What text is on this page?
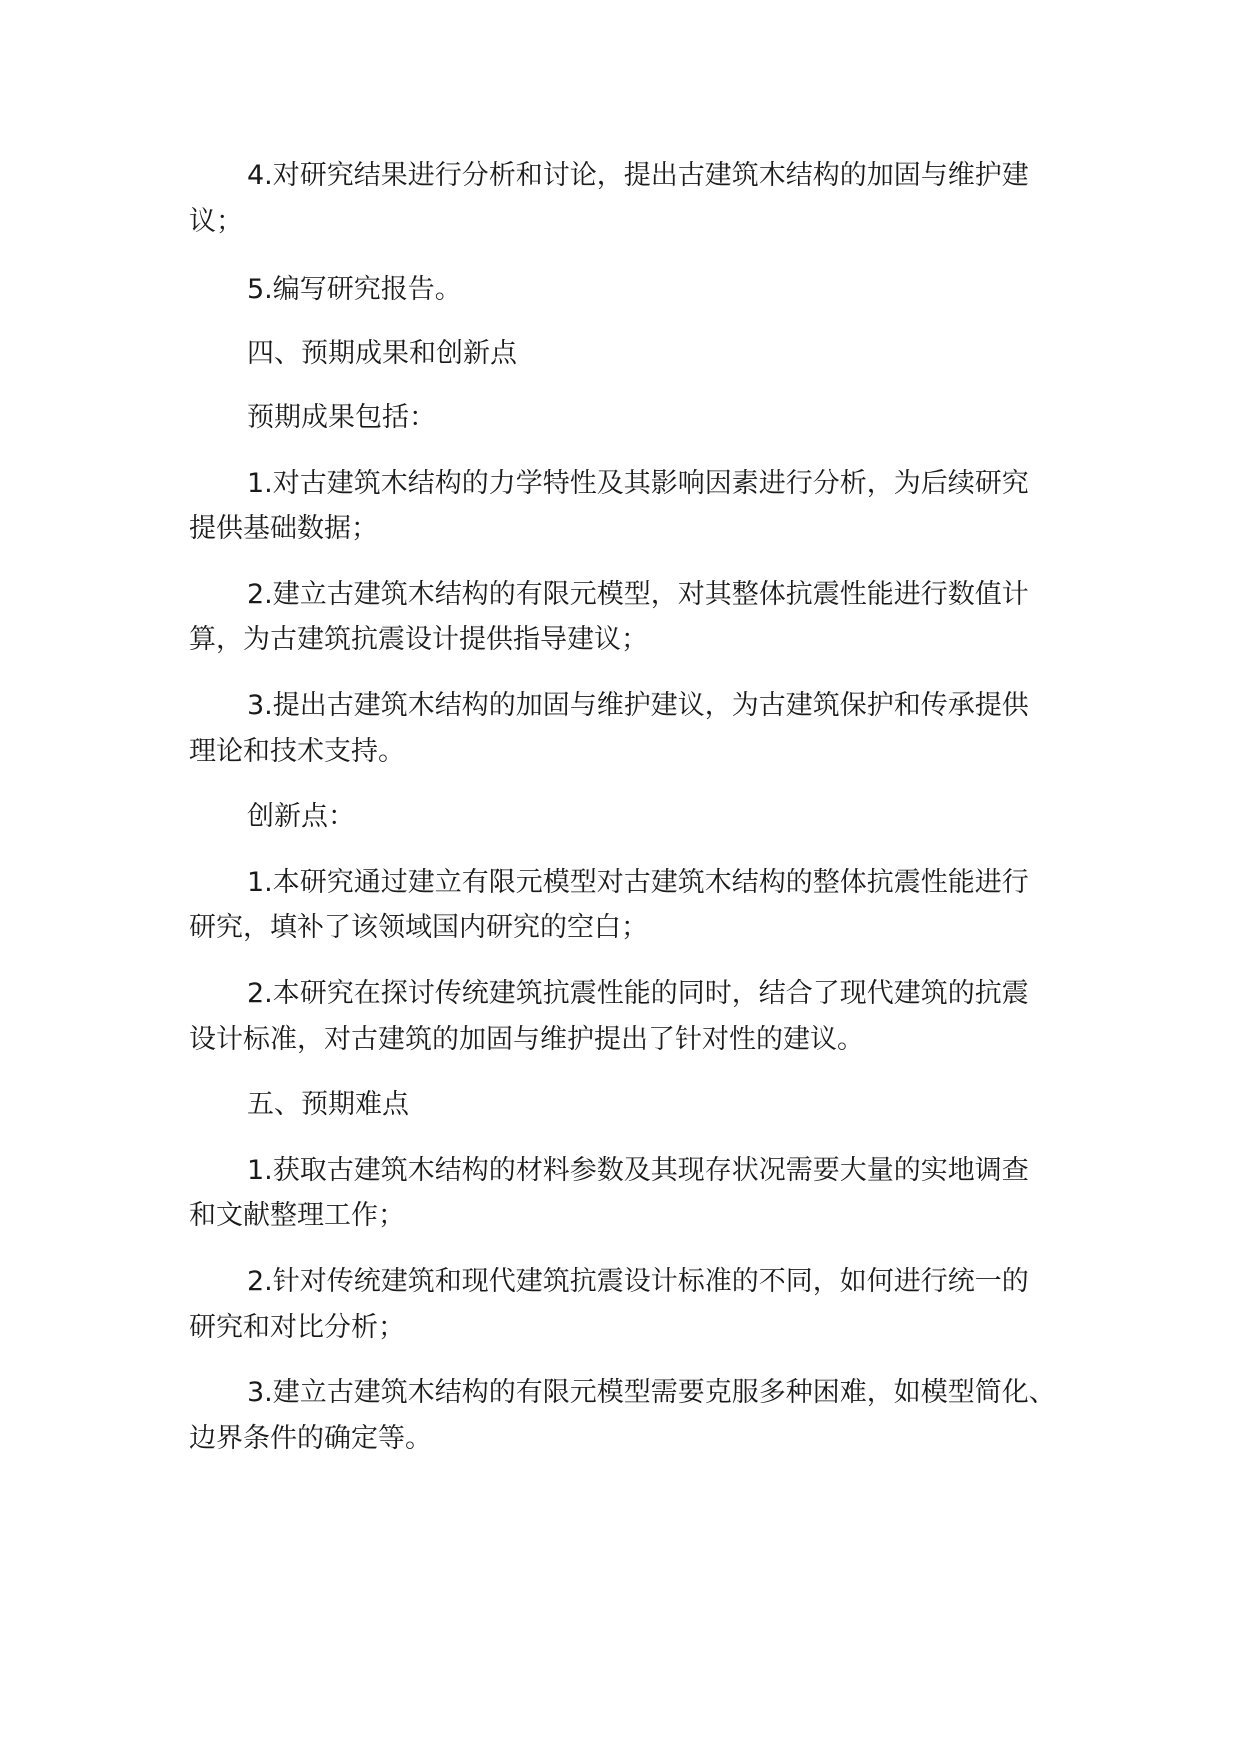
4.对研究结果进行分析和讨论，提出古建筑木结构的加固与维护建
议；
5.编写研究报告。
四、预期成果和创新点
预期成果包括：
1.对古建筑木结构的力学特性及其影响因素进行分析，为后续研究
提供基础数据；
2.建立古建筑木结构的有限元模型，对其整体抗震性能进行数值计
算，为古建筑抗震设计提供指导建议；
3.提出古建筑木结构的加固与维护建议，为古建筑保护和传承提供
理论和技术支持。
创新点：
1.本研究通过建立有限元模型对古建筑木结构的整体抗震性能进行
研究，填补了该领域国内研究的空白；
2.本研究在探讨传统建筑抗震性能的同时，结合了现代建筑的抗震
设计标准，对古建筑的加固与维护提出了针对性的建议。
五、预期难点
1.获取古建筑木结构的材料参数及其现存状况需要大量的实地调查
和文献整理工作；
2.针对传统建筑和现代建筑抗震设计标准的不同，如何进行统一的
研究和对比分析；
3.建立古建筑木结构的有限元模型需要克服多种困难，如模型简化、
边界条件的确定等。
